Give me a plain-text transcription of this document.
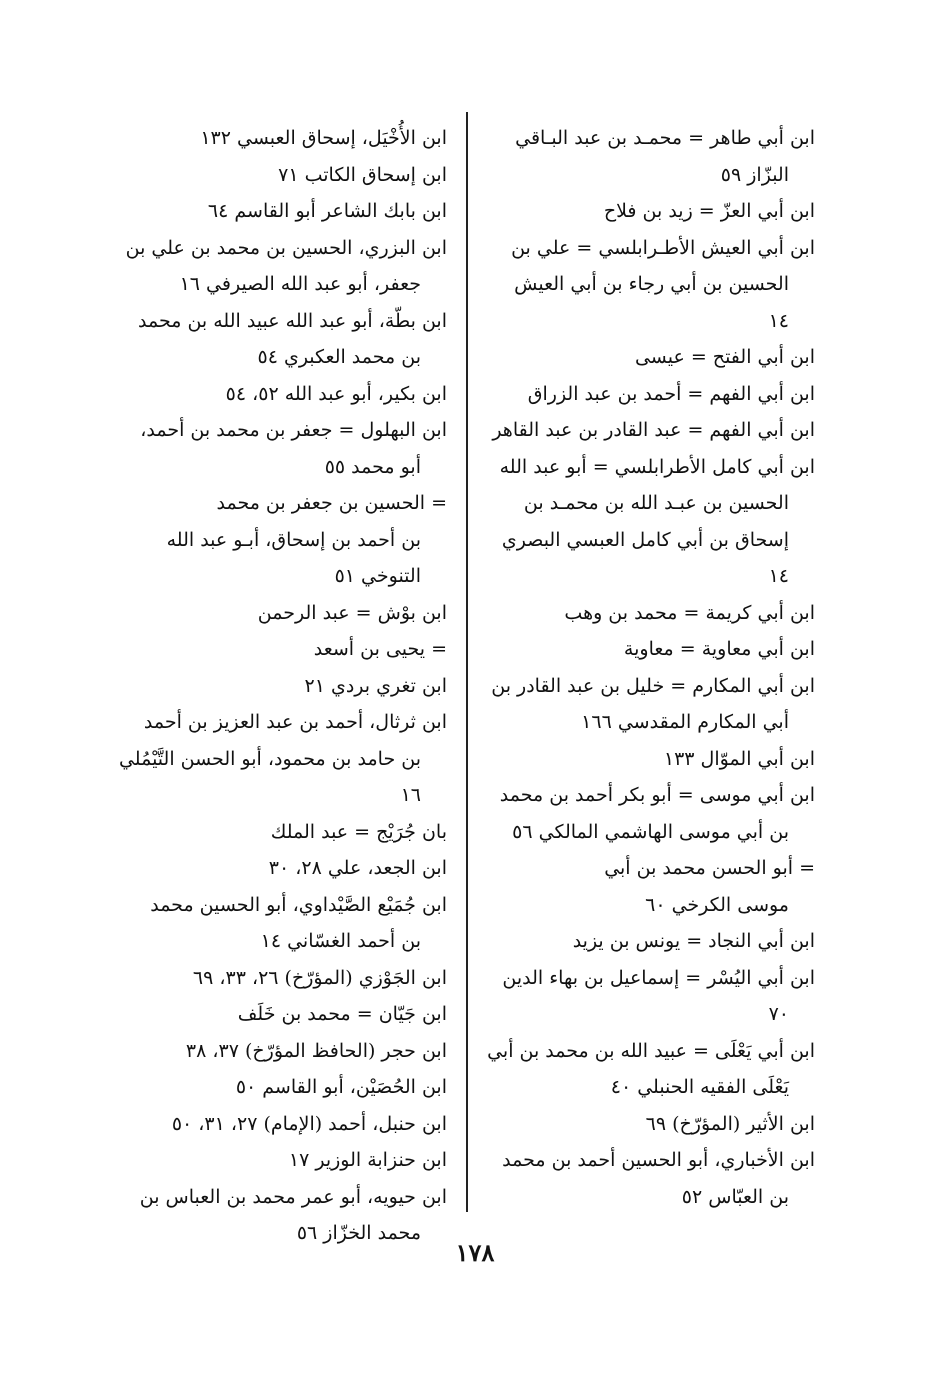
ابن أبي طاهر = محمـد بن عبد البـاقي
البزّاز ٥٩
ابن أبي العزّ = زيد بن فلاح
ابن أبي العيش الأطـرابلسي = علي بن
الحسين بن أبي رجاء بن أبي العيش
١٤
ابن أبي الفتح = عيسى
ابن أبي الفهم = أحمد بن عبد الزراق
ابن أبي الفهم = عبد القادر بن عبد القاهر
ابن أبي كامل الأطرابلسي = أبو عبد الله
الحسين بن عبـد الله بن محمـد بن
إسحاق بن أبي كامل العبسي البصري
١٤
ابن أبي كريمة = محمد بن وهب
ابن أبي معاوية = معاوية
ابن أبي المكارم = خليل بن عبد القادر بن
أبي المكارم المقدسي ١٦٦
ابن أبي الموّال ١٣٣
ابن أبي موسى = أبو بكر أحمد بن محمد
بن أبي موسى الهاشمي المالكي ٥٦
= أبو الحسن محمد بن أبي
موسى الكرخي ٦٠
ابن أبي النجاد = يونس بن يزيد
ابن أبي اليُسْر = إسماعيل بن بهاء الدين
٧٠
ابن أبي يَعْلَى = عبيد الله بن محمد بن أبي
يَعْلَى الفقيه الحنبلي ٤٠
ابن الأثير (المؤرّخ) ٦٩
ابن الأخباري، أبو الحسين أحمد بن محمد
بن العبّاس ٥٢
ابن الأُخْيَل، إسحاق العبسي ١٣٢
ابن إسحاق الكاتب ٧١
ابن بابك الشاعر أبو القاسم ٦٤
ابن البزري، الحسين بن محمد بن علي بن
جعفر، أبو عبد الله الصيرفي ١٦
ابن بطّة، أبو عبد الله عبيد الله بن محمد
بن محمد العكبري ٥٤
ابن بكير، أبو عبد الله ٥٢، ٥٤
ابن البهلول = جعفر بن محمد بن أحمد،
أبو محمد ٥٥
= الحسين بن جعفر بن محمد
بن أحمد بن إسحاق، أبـو عبد الله
التنوخي ٥١
ابن بوْش = عبد الرحمن
= يحيى بن أسعد
ابن تغري بردي ٢١
ابن ثرثال، أحمد بن عبد العزيز بن أحمد
بن حامد بن محمود، أبو الحسن التَّيْمُلي
١٦
بان جُرَيْج = عبد الملك
ابن الجعد، علي ٢٨، ٣٠
ابن جُمَيْع الصَّيْداوي، أبو الحسين محمد
بن أحمد الغسّاني ١٤
ابن الجَوْزي (المؤرّخ) ٢٦، ٣٣، ٦٩
ابن جَيّان = محمد بن خَلَف
ابن حجر (الحافظ المؤرّخ) ٣٧، ٣٨
ابن الحُصَيْن، أبو القاسم ٥٠
ابن حنبل، أحمد (الإمام) ٢٧، ٣١، ٥٠
ابن حنزابة الوزير ١٧
ابن حيويه، أبو عمر محمد بن العباس بن
محمد الخزّاز ٥٦
١٧٨
